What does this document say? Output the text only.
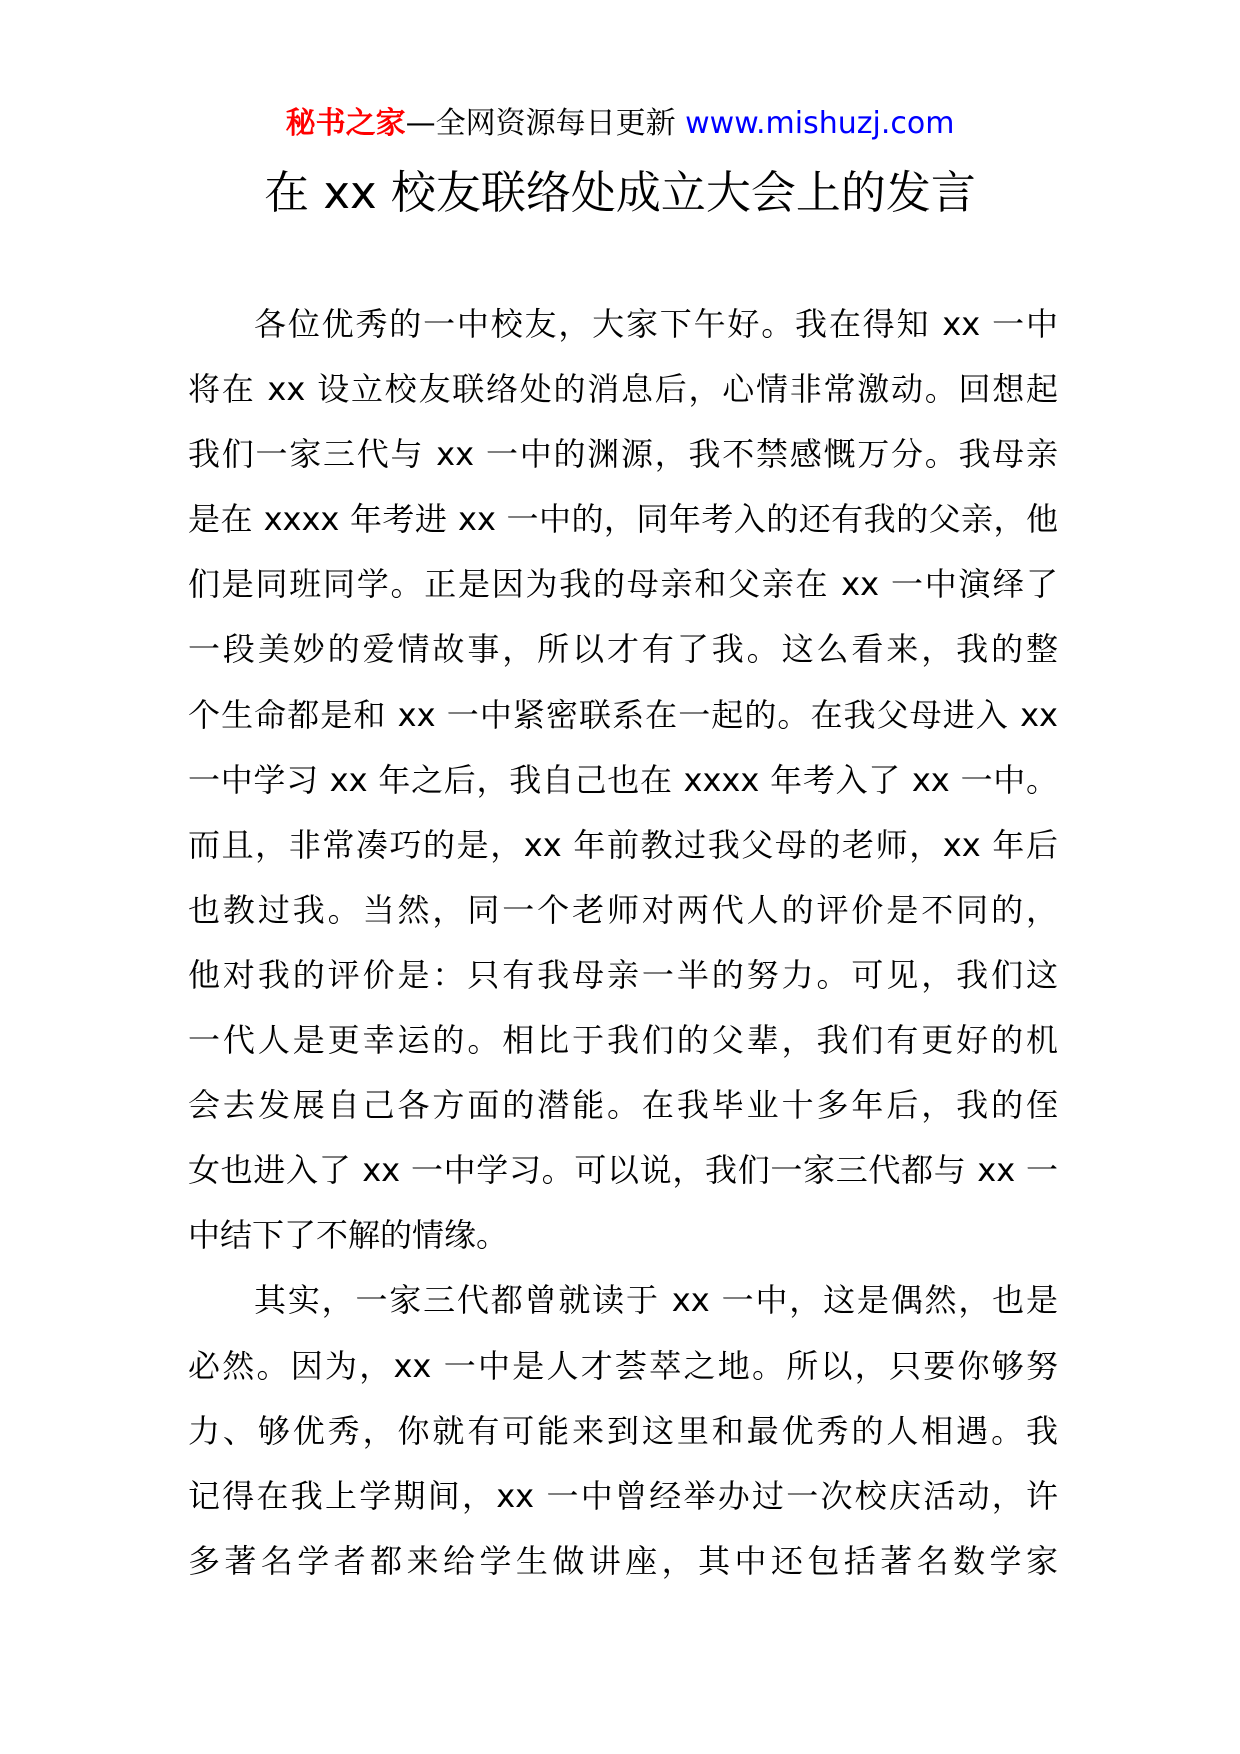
秘书之家—全网资源每日更新 www.mishuzj.com
在 xx 校友联络处成立大会上的发言
各位优秀的一中校友，大家下午好。我在得知 xx 一中
将在 xx 设立校友联络处的消息后，心情非常激动。回想起
我们一家三代与 xx 一中的渊源，我不禁感慨万分。我母亲
是在 xxxx 年考进 xx 一中的，同年考入的还有我的父亲，他
们是同班同学。正是因为我的母亲和父亲在 xx 一中演绎了
一段美妙的爱情故事，所以才有了我。这么看来，我的整
个生命都是和 xx 一中紧密联系在一起的。在我父母进入 xx
一中学习 xx 年之后，我自己也在 xxxx 年考入了 xx 一中。
而且，非常凑巧的是，xx 年前教过我父母的老师，xx 年后
也教过我。当然，同一个老师对两代人的评价是不同的，
他对我的评价是：只有我母亲一半的努力。可见，我们这
一代人是更幸运的。相比于我们的父辈，我们有更好的机
会去发展自己各方面的潜能。在我毕业十多年后，我的侄
女也进入了 xx 一中学习。可以说，我们一家三代都与 xx 一
中结下了不解的情缘。
其实，一家三代都曾就读于 xx 一中，这是偶然，也是
必然。因为，xx 一中是人才荟萃之地。所以，只要你够努
力、够优秀，你就有可能来到这里和最优秀的人相遇。我
记得在我上学期间，xx 一中曾经举办过一次校庆活动，许
多著名学者都来给学生做讲座，其中还包括著名数学家
